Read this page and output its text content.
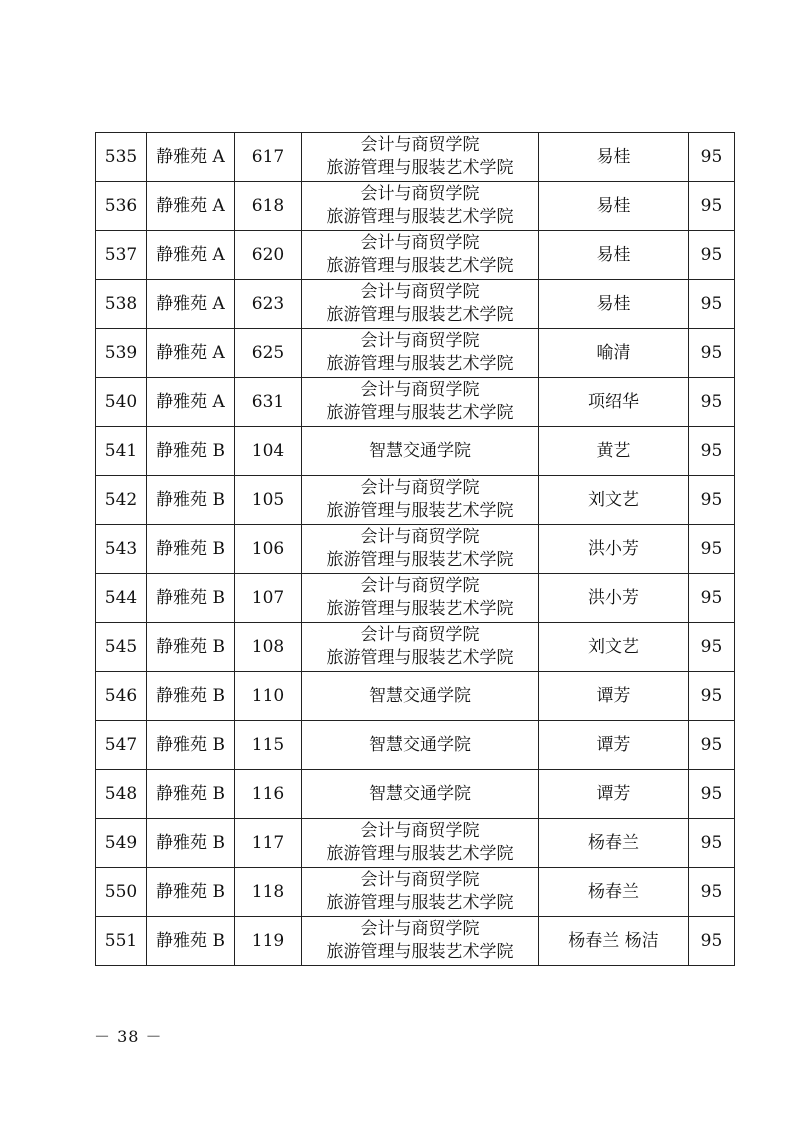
535	静雅苑 A	617	会计与商贸学院
旅游管理与服装艺术学院	易桂	95
536	静雅苑 A	618	会计与商贸学院
旅游管理与服装艺术学院	易桂	95
537	静雅苑 A	620	会计与商贸学院
旅游管理与服装艺术学院	易桂	95
538	静雅苑 A	623	会计与商贸学院
旅游管理与服装艺术学院	易桂	95
539	静雅苑 A	625	会计与商贸学院
旅游管理与服装艺术学院	喻清	95
540	静雅苑 A	631	会计与商贸学院
旅游管理与服装艺术学院	项绍华	95
541	静雅苑 B	104	智慧交通学院	黄艺	95
542	静雅苑 B	105	会计与商贸学院
旅游管理与服装艺术学院	刘文艺	95
543	静雅苑 B	106	会计与商贸学院
旅游管理与服装艺术学院	洪小芳	95
544	静雅苑 B	107	会计与商贸学院
旅游管理与服装艺术学院	洪小芳	95
545	静雅苑 B	108	会计与商贸学院
旅游管理与服装艺术学院	刘文艺	95
546	静雅苑 B	110	智慧交通学院	谭芳	95
547	静雅苑 B	115	智慧交通学院	谭芳	95
548	静雅苑 B	116	智慧交通学院	谭芳	95
549	静雅苑 B	117	会计与商贸学院
旅游管理与服装艺术学院	杨春兰	95
550	静雅苑 B	118	会计与商贸学院
旅游管理与服装艺术学院	杨春兰	95
551	静雅苑 B	119	会计与商贸学院
旅游管理与服装艺术学院	杨春兰 杨洁	95
－ 38 －
